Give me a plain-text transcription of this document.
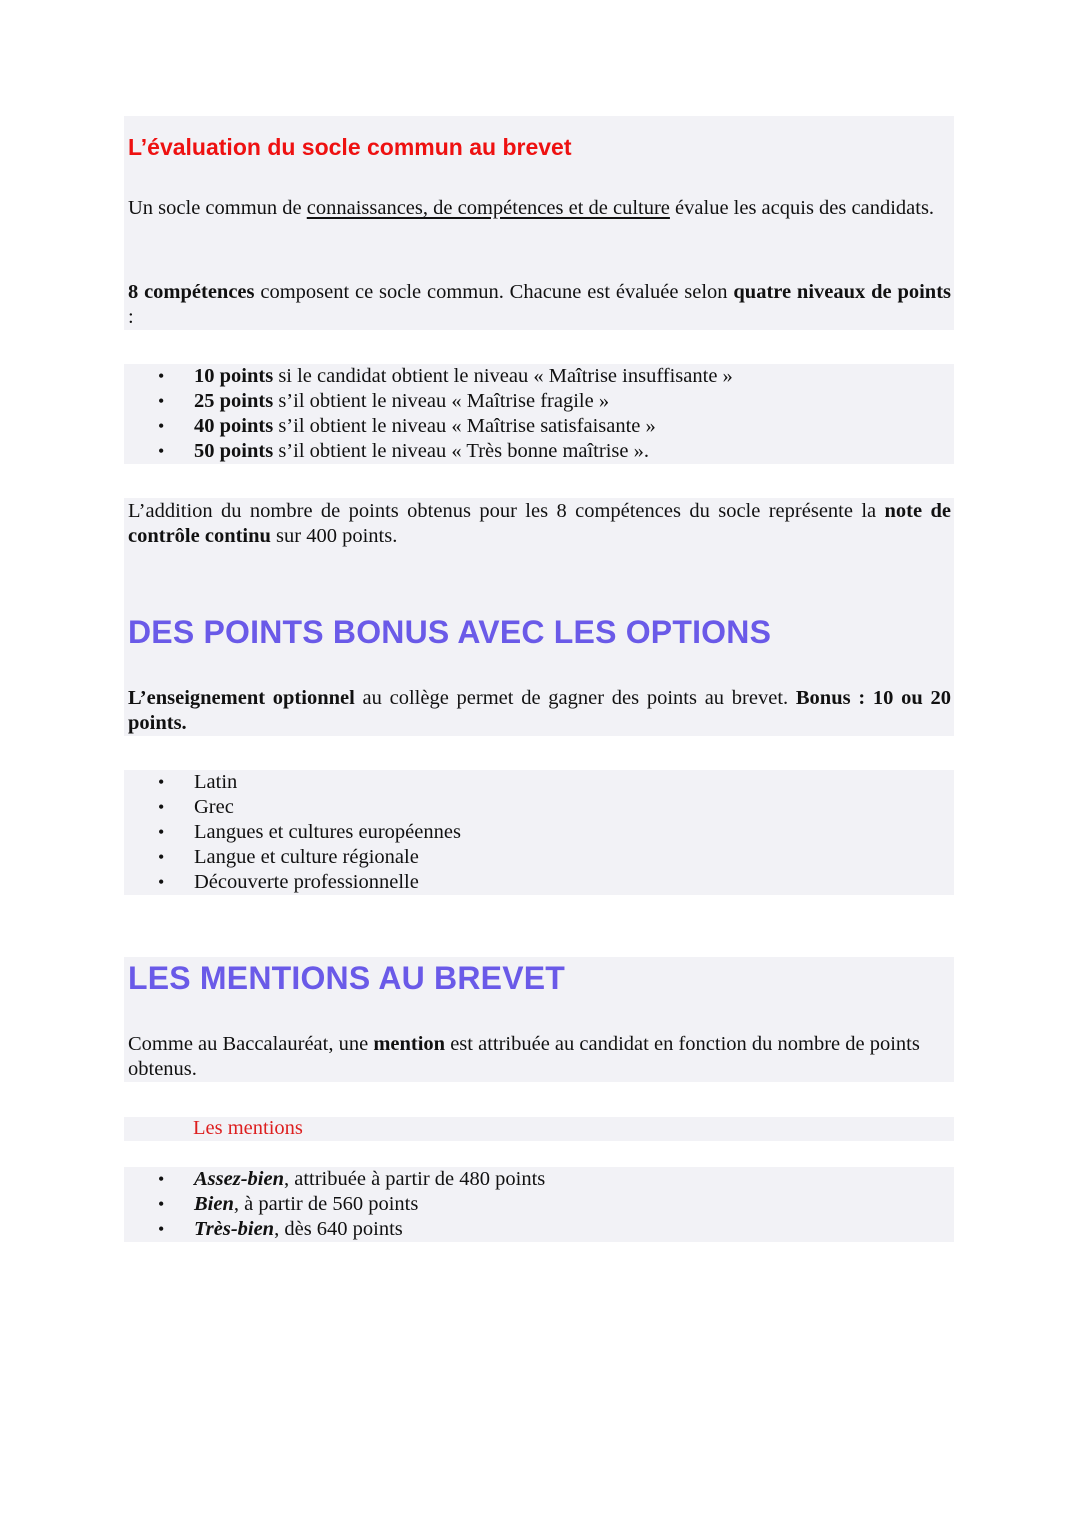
L’évaluation du socle commun au brevet

Un socle commun de connaissances, de compétences et de culture évalue les acquis des candidats.

8 compétences composent ce socle commun. Chacune est évaluée selon quatre niveaux de points :

• 10 points si le candidat obtient le niveau « Maîtrise insuffisante »
• 25 points s’il obtient le niveau « Maîtrise fragile »
• 40 points s’il obtient le niveau « Maîtrise satisfaisante »
• 50 points s’il obtient le niveau « Très bonne maîtrise ».

L’addition du nombre de points obtenus pour les 8 compétences du socle représente la note de contrôle continu sur 400 points.

DES POINTS BONUS AVEC LES OPTIONS

L’enseignement optionnel au collège permet de gagner des points au brevet. Bonus : 10 ou 20 points.

• Latin
• Grec
• Langues et cultures européennes
• Langue et culture régionale
• Découverte professionnelle
LES MENTIONS AU BREVET

Comme au Baccalauréat, une mention est attribuée au candidat en fonction du nombre de points obtenus.

Les mentions

• Assez-bien, attribuée à partir de 480 points
• Bien, à partir de 560 points
• Très-bien, dès 640 points
